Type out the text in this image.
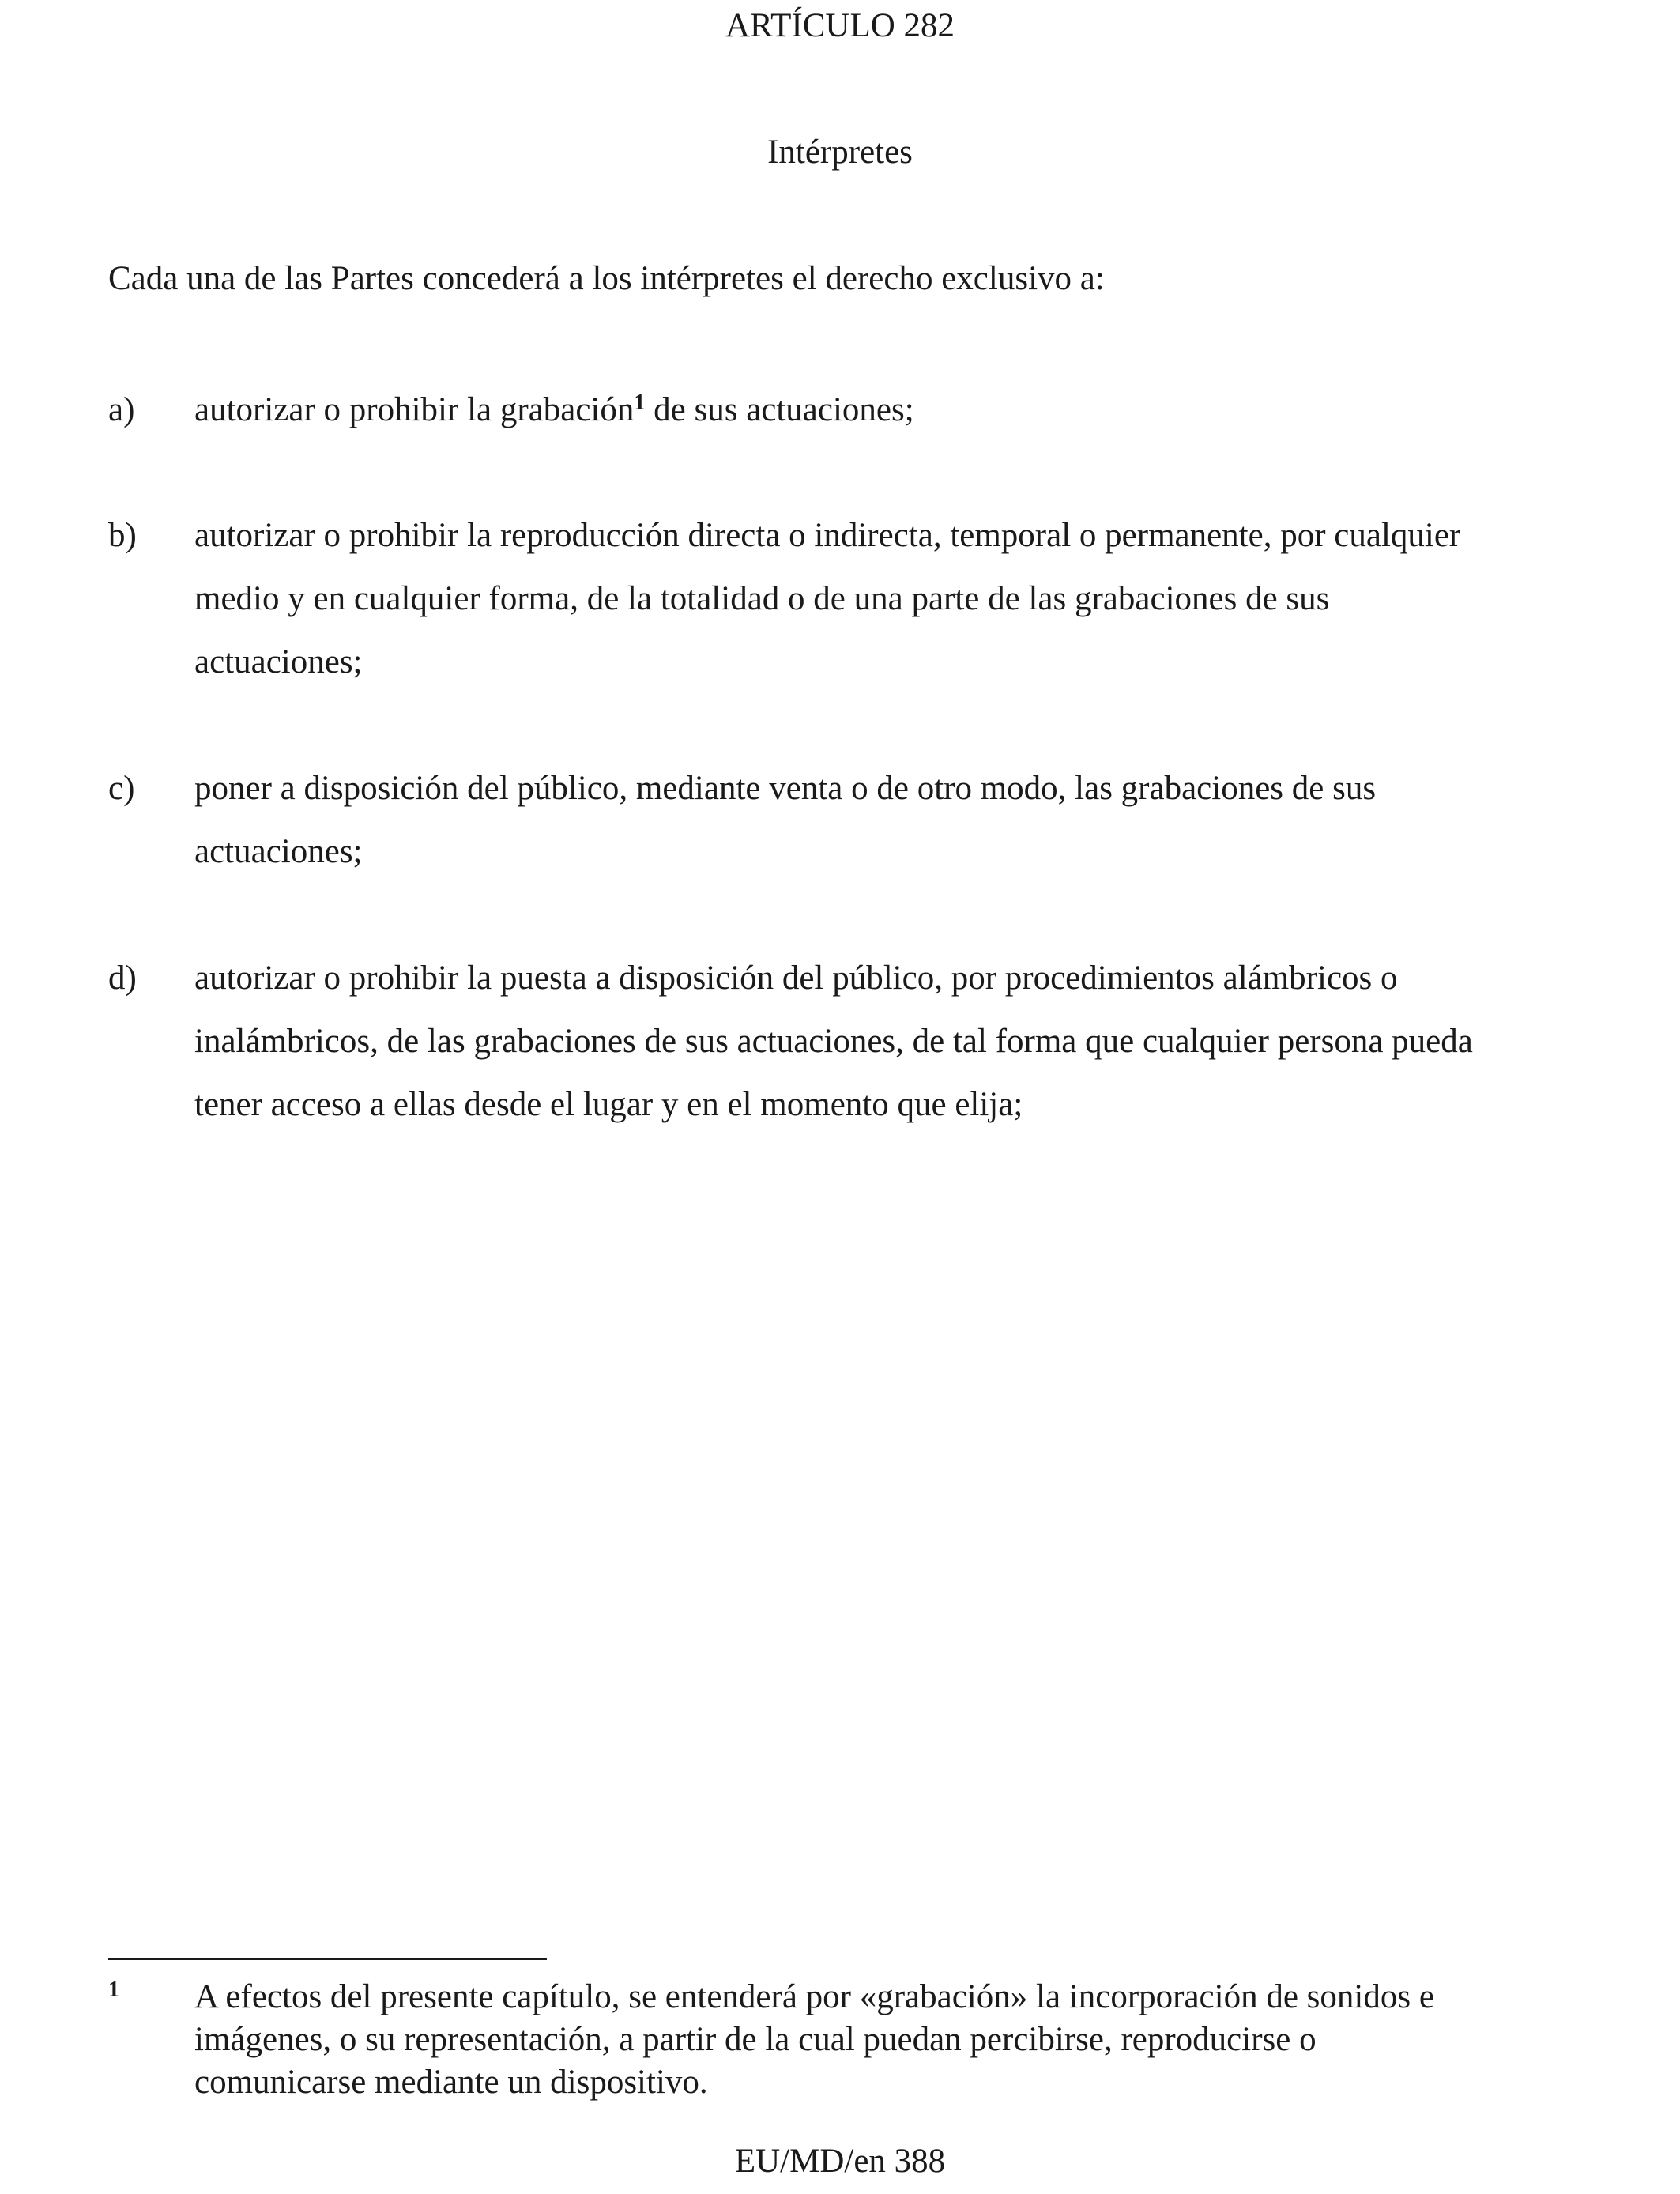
ARTÍCULO 282
Intérpretes
Cada una de las Partes concederá a los intérpretes el derecho exclusivo a:
a) autorizar o prohibir la grabación$^1$ de sus actuaciones;
b) autorizar o prohibir la reproducción directa o indirecta, temporal o permanente, por cualquier
medio y en cualquier forma, de la totalidad o de una parte de las grabaciones de sus
actuaciones;
c) poner a disposición del público, mediante venta o de otro modo, las grabaciones de sus
actuaciones;
d) autorizar o prohibir la puesta a disposición del público, por procedimientos alámbricos o
inalámbricos, de las grabaciones de sus actuaciones, de tal forma que cualquier persona pueda
tener acceso a ellas desde el lugar y en el momento que elija;
1 A efectos del presente capítulo, se entenderá por «grabación» la incorporación de sonidos e
imágenes, o su representación, a partir de la cual puedan percibirse, reproducirse o
comunicarse mediante un dispositivo.
EU/MD/en 388
